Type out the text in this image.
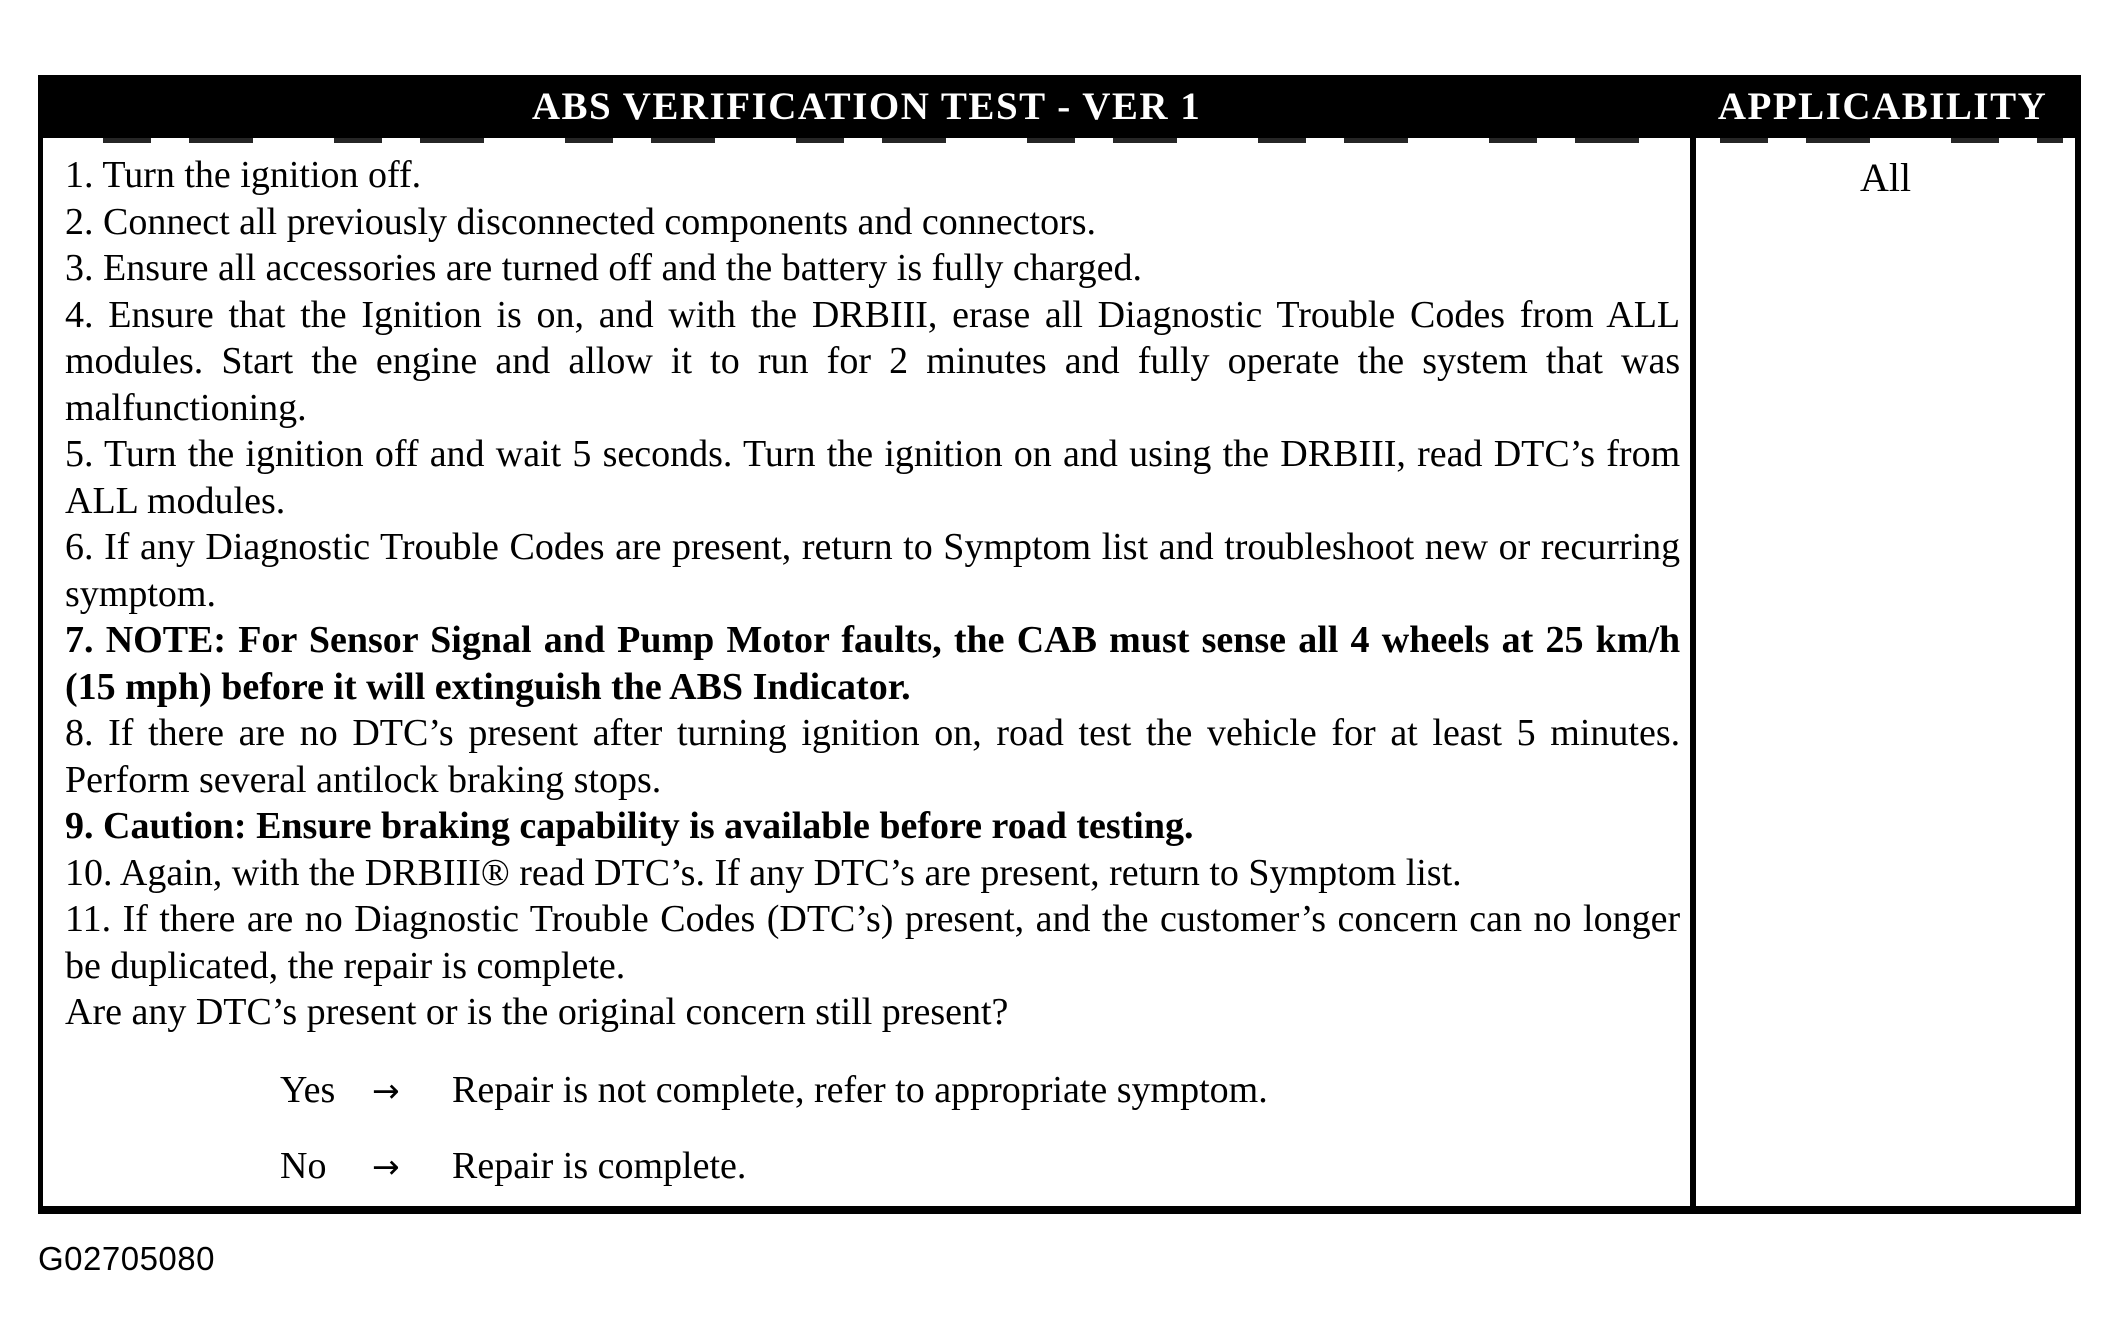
ABS VERIFICATION TEST - VER 1	APPLICABILITY

1. Turn the ignition off.

2. Connect all previously disconnected components and connectors.

3. Ensure all accessories are turned off and the battery is fully charged.

4. Ensure that the Ignition is on, and with the DRBIII, erase all Diagnostic Trouble Codes from ALL modules. Start the engine and allow it to run for 2 minutes and fully operate the system that was malfunctioning.

5. Turn the ignition off and wait 5 seconds. Turn the ignition on and using the DRBIII, read DTC’s from ALL modules.

6. If any Diagnostic Trouble Codes are present, return to Symptom list and troubleshoot new or recurring symptom.

7. NOTE: For Sensor Signal and Pump Motor faults, the CAB must sense all 4 wheels at 25 km/h (15 mph) before it will extinguish the ABS Indicator.

8. If there are no DTC’s present after turning ignition on, road test the vehicle for at least 5 minutes. Perform several antilock braking stops.

9. Caution: Ensure braking capability is available before road testing.

10. Again, with the DRBIII® read DTC’s. If any DTC’s are present, return to Symptom list.

11. If there are no Diagnostic Trouble Codes (DTC’s) present, and the customer’s concern can no longer be duplicated, the repair is complete.

Are any DTC’s present or is the original concern still present?

Yes → Repair is not complete, refer to appropriate symptom.
No → Repair is complete.
All
G02705080
